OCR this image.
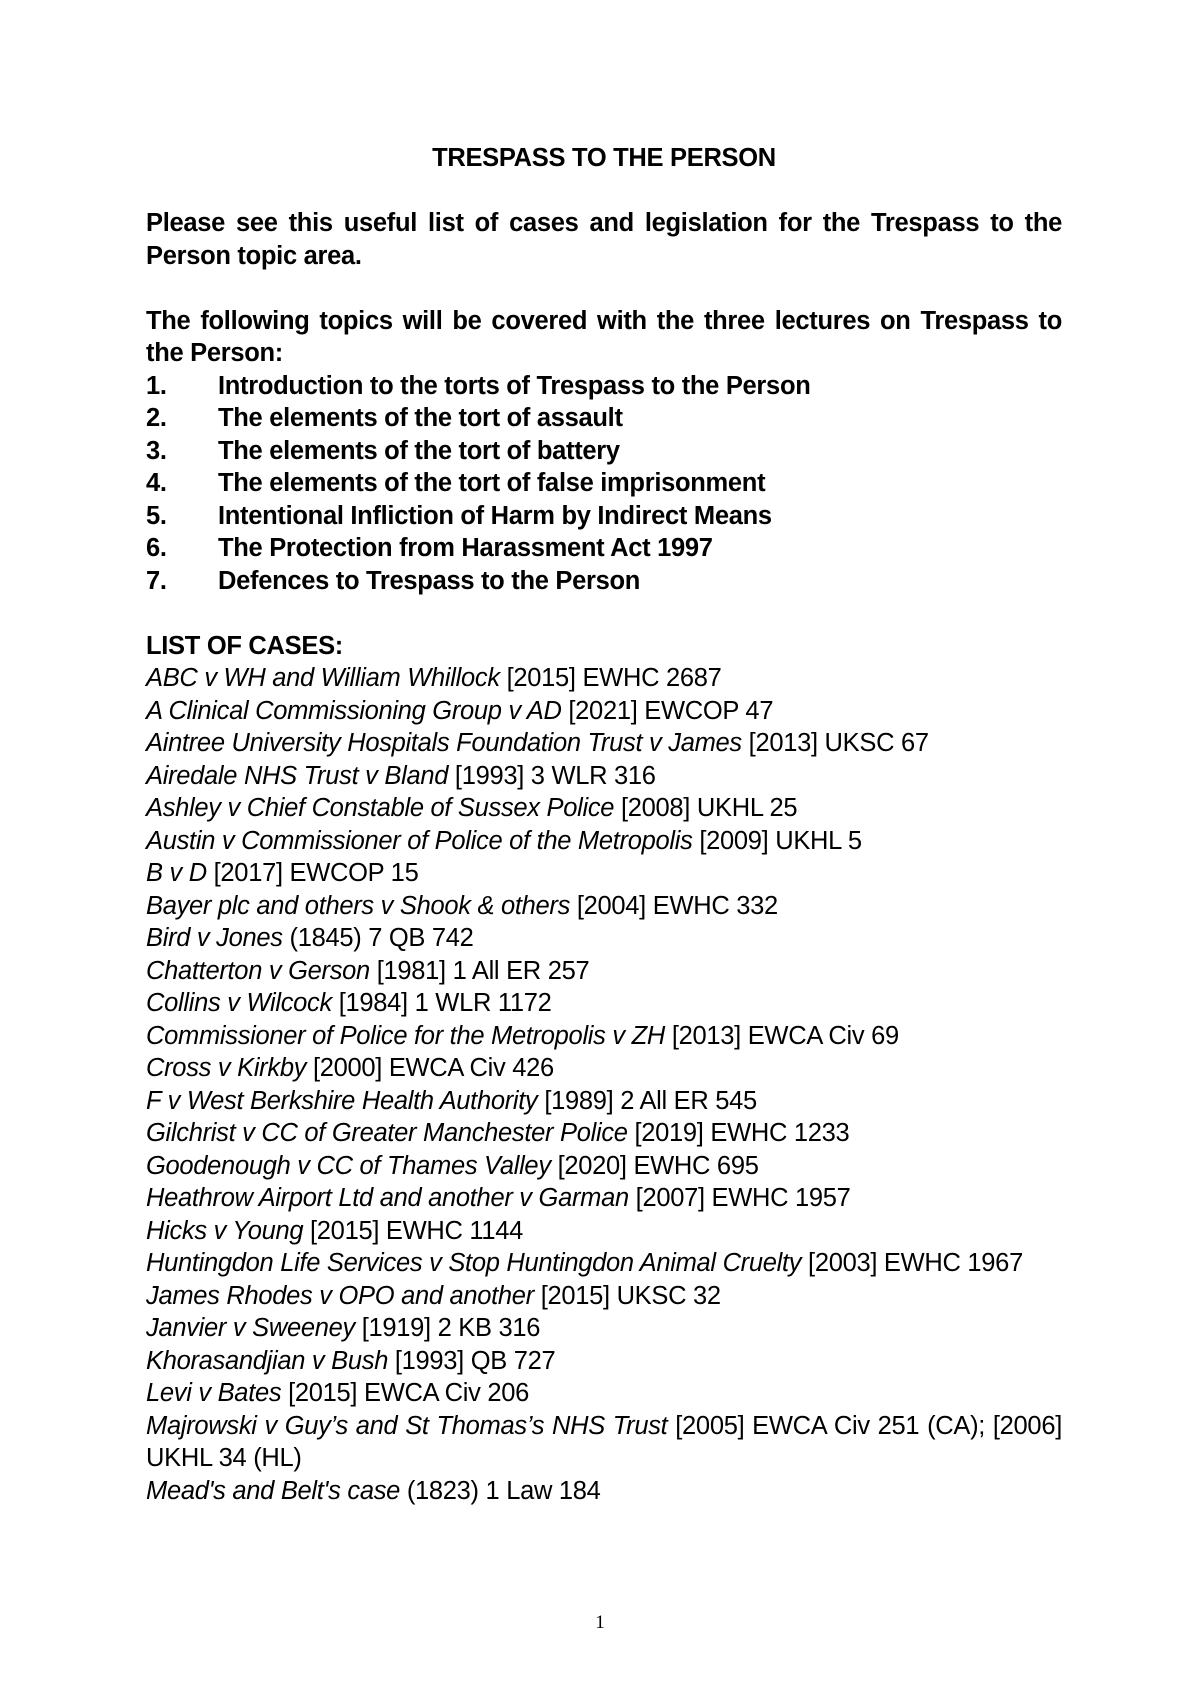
TRESPASS TO THE PERSON

Please see this useful list of cases and legislation for the Trespass to the Person topic area.

The following topics will be covered with the three lectures on Trespass to the Person:

1.	Introduction to the torts of Trespass to the Person
2.	The elements of the tort of assault
3.	The elements of the tort of battery
4.	The elements of the tort of false imprisonment
5.	Intentional Infliction of Harm by Indirect Means
6.	The Protection from Harassment Act 1997
7.	Defences to Trespass to the Person

LIST OF CASES:

ABC v WH and William Whillock [2015] EWHC 2687
A Clinical Commissioning Group v AD [2021] EWCOP 47
Aintree University Hospitals Foundation Trust v James [2013] UKSC 67
Airedale NHS Trust v Bland [1993] 3 WLR 316
Ashley v Chief Constable of Sussex Police [2008] UKHL 25
Austin v Commissioner of Police of the Metropolis [2009] UKHL 5
B v D [2017] EWCOP 15
Bayer plc and others v Shook & others [2004] EWHC 332
Bird v Jones (1845) 7 QB 742
Chatterton v Gerson [1981] 1 All ER 257
Collins v Wilcock [1984] 1 WLR 1172
Commissioner of Police for the Metropolis v ZH [2013] EWCA Civ 69
Cross v Kirkby [2000] EWCA Civ 426
F v West Berkshire Health Authority [1989] 2 All ER 545
Gilchrist v CC of Greater Manchester Police [2019] EWHC 1233
Goodenough v CC of Thames Valley [2020] EWHC 695
Heathrow Airport Ltd and another v Garman [2007] EWHC 1957
Hicks v Young [2015] EWHC 1144
Huntingdon Life Services v Stop Huntingdon Animal Cruelty [2003] EWHC 1967
James Rhodes v OPO and another [2015] UKSC 32
Janvier v Sweeney [1919] 2 KB 316
Khorasandjian v Bush [1993] QB 727
Levi v Bates [2015] EWCA Civ 206
Majrowski v Guy’s and St Thomas’s NHS Trust [2005] EWCA Civ 251 (CA); [2006] UKHL 34 (HL)
Mead's and Belt's case (1823) 1 Law 184
1
